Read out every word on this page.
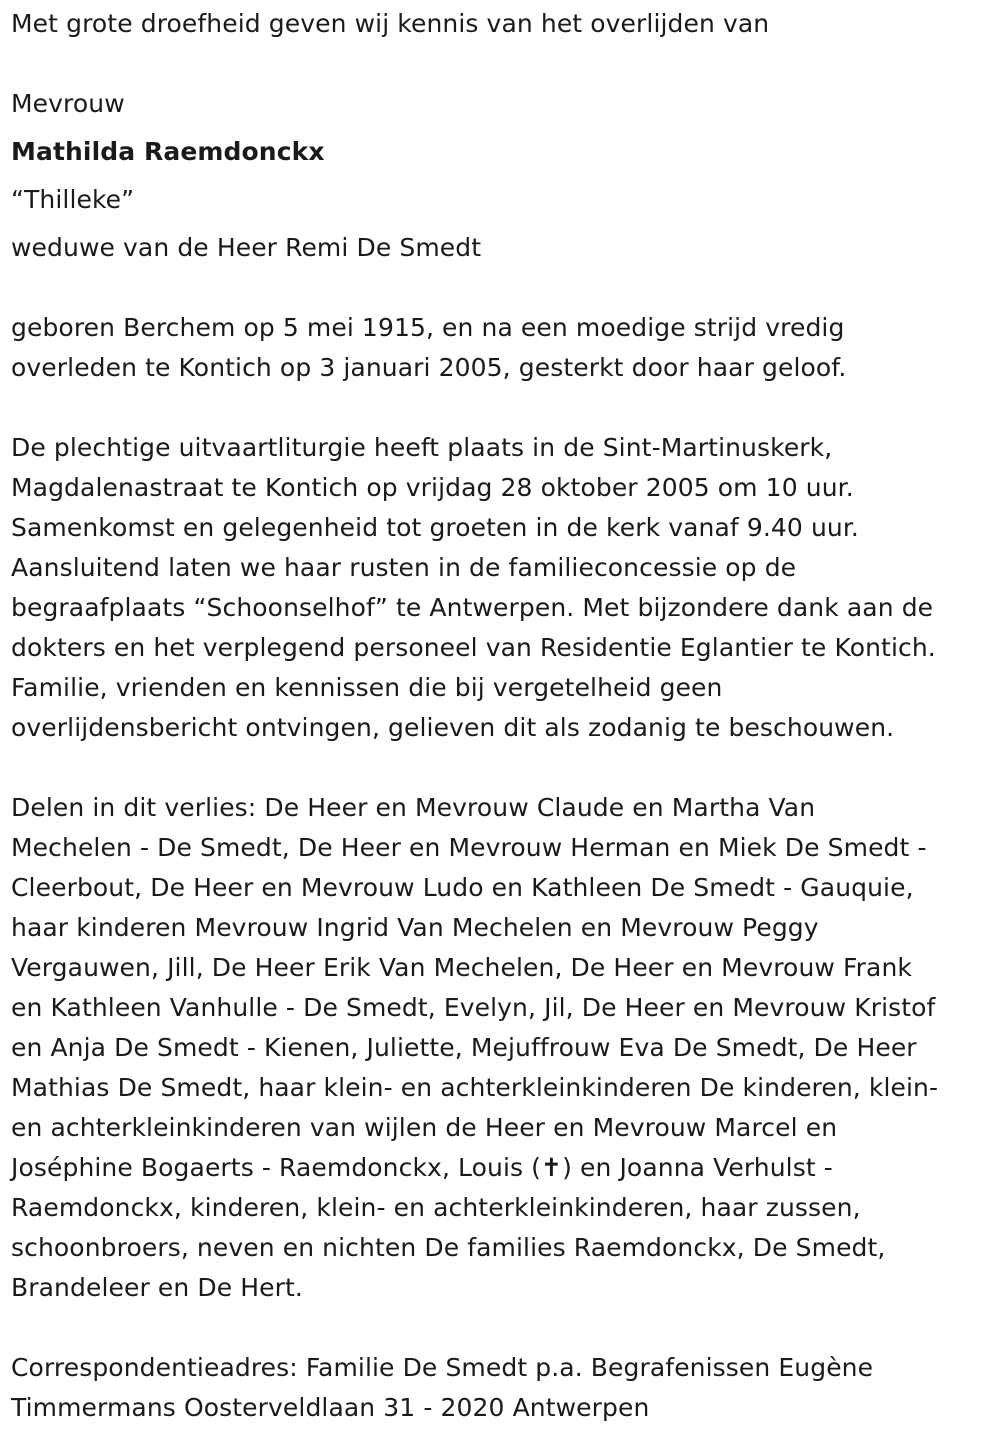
Met grote droefheid geven wij kennis van het overlijden van

Mevrouw

Mathilda Raemdonckx

“Thilleke”

weduwe van de Heer Remi De Smedt

geboren Berchem op 5 mei 1915, en na een moedige strijd vredig

overleden te Kontich op 3 januari 2005, gesterkt door haar geloof.

De plechtige uitvaartliturgie heeft plaats in de Sint-Martinuskerk,

Magdalenastraat te Kontich op vrijdag 28 oktober 2005 om 10 uur.

Samenkomst en gelegenheid tot groeten in de kerk vanaf 9.40 uur.

Aansluitend laten we haar rusten in de familieconcessie op de

begraafplaats “Schoonselhof” te Antwerpen. Met bijzondere dank aan de

dokters en het verplegend personeel van Residentie Eglantier te Kontich.

Familie, vrienden en kennissen die bij vergetelheid geen

overlijdensbericht ontvingen, gelieven dit als zodanig te beschouwen.

Delen in dit verlies: De Heer en Mevrouw Claude en Martha Van

Mechelen - De Smedt, De Heer en Mevrouw Herman en Miek De Smedt -

Cleerbout, De Heer en Mevrouw Ludo en Kathleen De Smedt - Gauquie,

haar kinderen Mevrouw Ingrid Van Mechelen en Mevrouw Peggy

Vergauwen, Jill, De Heer Erik Van Mechelen, De Heer en Mevrouw Frank

en Kathleen Vanhulle - De Smedt, Evelyn, Jil, De Heer en Mevrouw Kristof

en Anja De Smedt - Kienen, Juliette, Mejuffrouw Eva De Smedt, De Heer

Mathias De Smedt, haar klein- en achterkleinkinderen De kinderen, klein-

en achterkleinkinderen van wijlen de Heer en Mevrouw Marcel en

Joséphine Bogaerts - Raemdonckx, Louis (✝) en Joanna Verhulst -

Raemdonckx, kinderen, klein- en achterkleinkinderen, haar zussen,

schoonbroers, neven en nichten De families Raemdonckx, De Smedt,

Brandeleer en De Hert.

Correspondentieadres: Familie De Smedt p.a. Begrafenissen Eugène

Timmermans Oosterveldlaan 31 - 2020 Antwerpen
